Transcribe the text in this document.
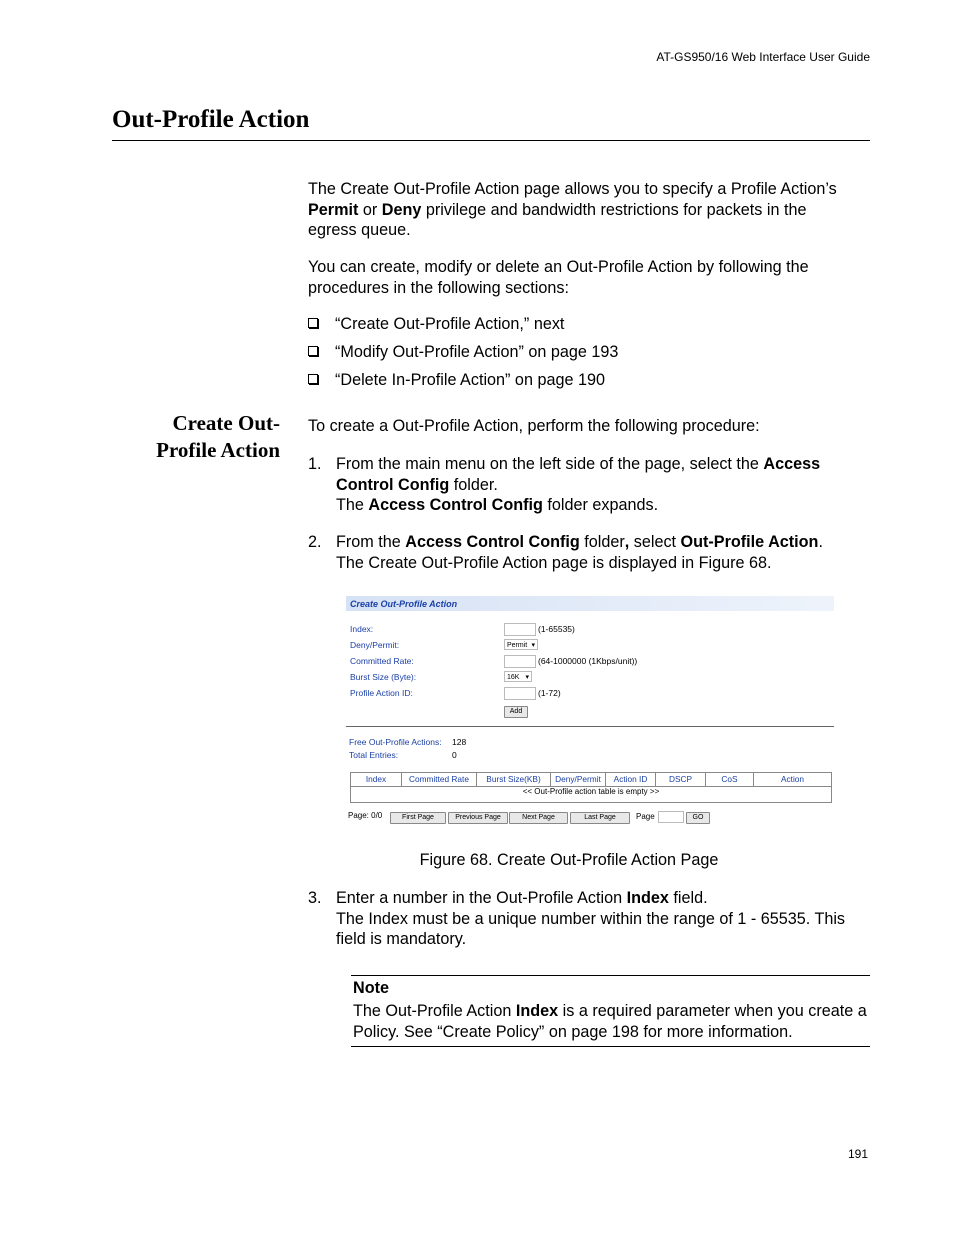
AT-GS950/16 Web Interface User Guide
Out-Profile Action
The Create Out-Profile Action page allows you to specify a Profile Action’s
Permit or Deny privilege and bandwidth restrictions for packets in the
egress queue.
You can create, modify or delete an Out-Profile Action by following the procedures in the following sections:
“Create Out-Profile Action,” next
“Modify Out-Profile Action” on page 193
“Delete In-Profile Action” on page 190
Create Out-
Profile Action
To create a Out-Profile Action, perform the following procedure:
1. From the main menu on the left side of the page, select the Access
Control Config folder.
The Access Control Config folder expands.
2. From the Access Control Config folder, select Out-Profile Action.
The Create Out-Profile Action page is displayed in Figure 68.
Create Out-Profile Action
Index:	(1-65535)
Deny/Permit:	Permit ▾
Committed Rate:	(64-1000000 (1Kbps/unit))
Burst Size (Byte):	16K ▾
Profile Action ID:	(1-72)
Add
Free Out-Profile Actions: 128
Total Entries:	0
Index	Committed Rate	Burst Size(KB)	Deny/Permit	Action ID	DSCP	CoS	Action
<< Out-Profile action table is empty >>
Page: 0/0	First Page	Previous Page	Next Page	Last Page	Page	GO
Figure 68. Create Out-Profile Action Page
3. Enter a number in the Out-Profile Action Index field.
The Index must be a unique number within the range of 1 - 65535. This field is mandatory.
Note
The Out-Profile Action Index is a required parameter when you create a Policy. See “Create Policy” on page 198 for more information.
191
